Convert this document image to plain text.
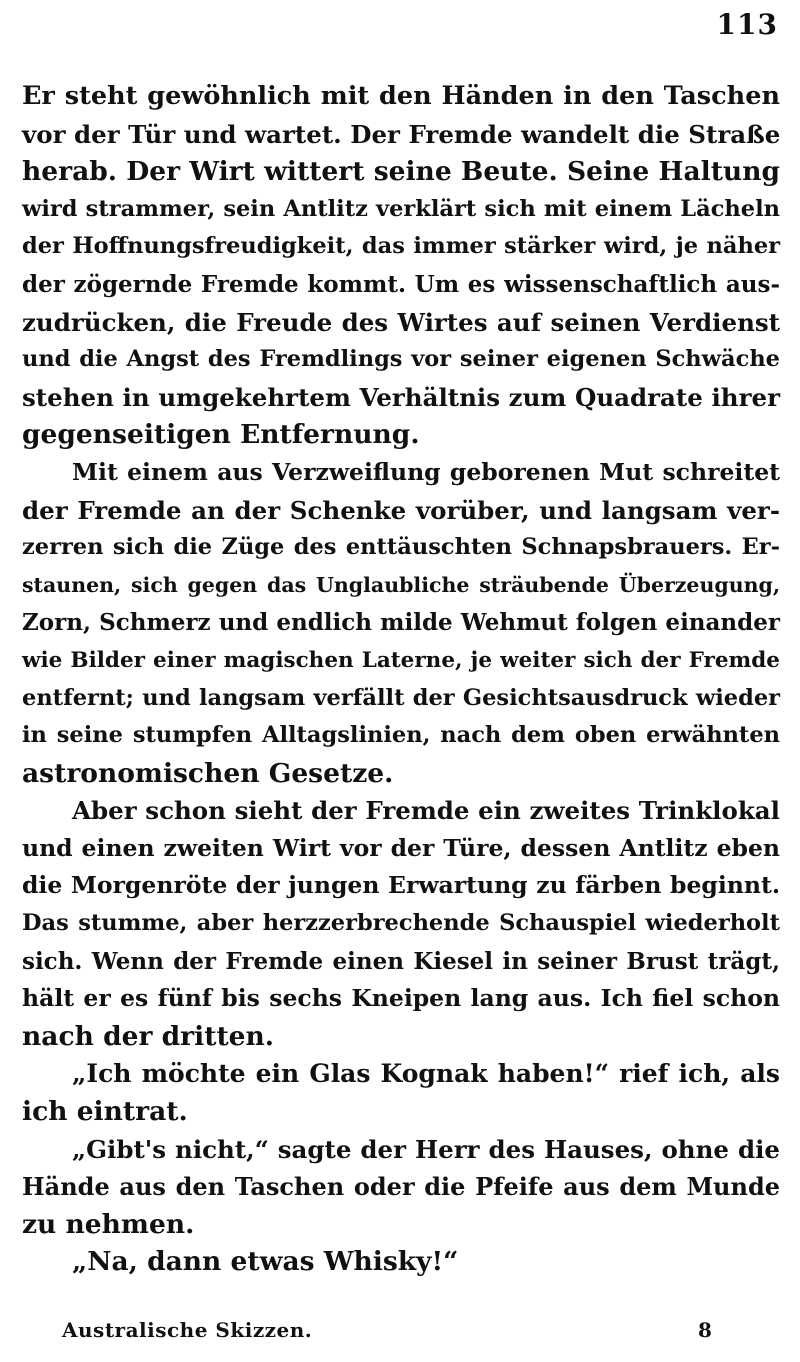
113
Er steht gewöhnlich mit den Händen in den Taschen
vor der Tür und wartet. Der Fremde wandelt die Straße
herab. Der Wirt wittert seine Beute. Seine Haltung
wird strammer, sein Antlitz verklärt sich mit einem Lächeln
der Hoffnungsfreudigkeit, das immer stärker wird, je näher
der zögernde Fremde kommt. Um es wissenschaftlich aus-
zudrücken, die Freude des Wirtes auf seinen Verdienst
und die Angst des Fremdlings vor seiner eigenen Schwäche
stehen in umgekehrtem Verhältnis zum Quadrate ihrer
gegenseitigen Entfernung.
Mit einem aus Verzweiflung geborenen Mut schreitet
der Fremde an der Schenke vorüber, und langsam ver-
zerren sich die Züge des enttäuschten Schnapsbrauers. Er-
staunen, sich gegen das Unglaubliche sträubende Überzeugung,
Zorn, Schmerz und endlich milde Wehmut folgen einander
wie Bilder einer magischen Laterne, je weiter sich der Fremde
entfernt; und langsam verfällt der Gesichtsausdruck wieder
in seine stumpfen Alltagslinien, nach dem oben erwähnten
astronomischen Gesetze.
Aber schon sieht der Fremde ein zweites Trinklokal
und einen zweiten Wirt vor der Türe, dessen Antlitz eben
die Morgenröte der jungen Erwartung zu färben beginnt.
Das stumme, aber herzzerbrechende Schauspiel wiederholt
sich. Wenn der Fremde einen Kiesel in seiner Brust trägt,
hält er es fünf bis sechs Kneipen lang aus. Ich fiel schon
nach der dritten.
„Ich möchte ein Glas Kognak haben!“ rief ich, als
ich eintrat.
„Gibt's nicht,“ sagte der Herr des Hauses, ohne die
Hände aus den Taschen oder die Pfeife aus dem Munde
zu nehmen.
„Na, dann etwas Whisky!“
Australische Skizzen.	8
